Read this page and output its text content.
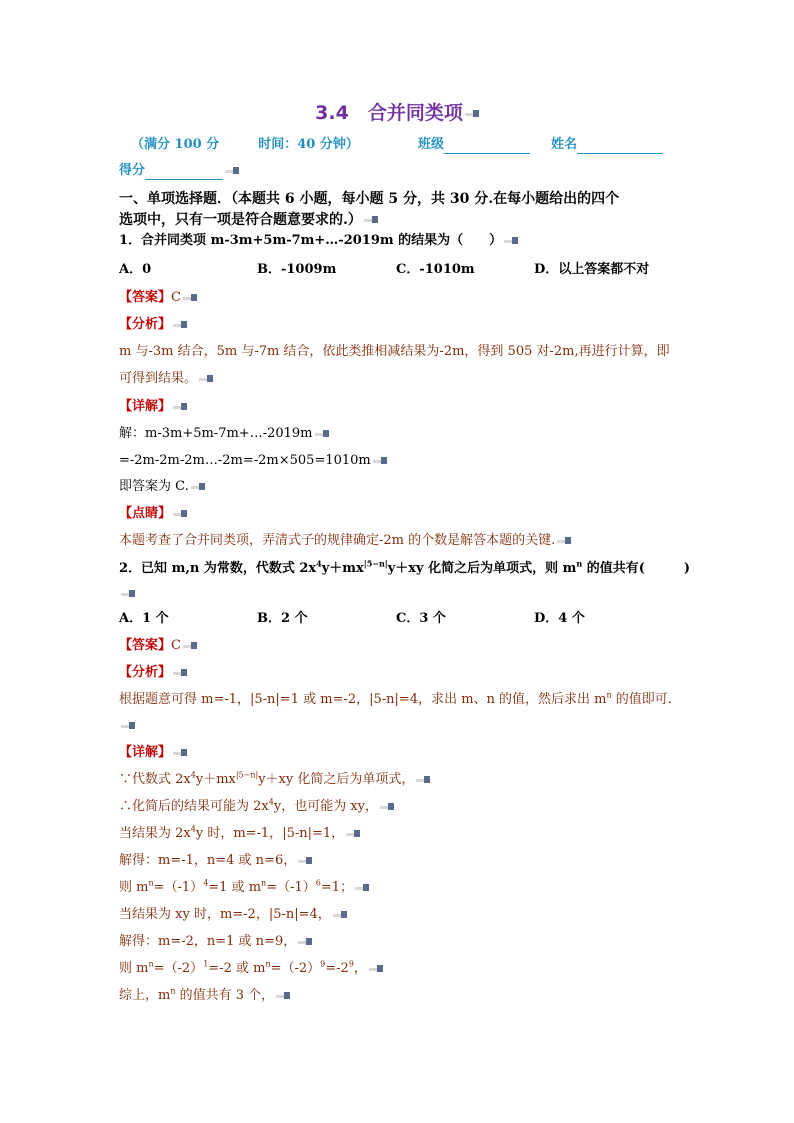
3.4　合并同类项
（满分 100 分	时间：40 分钟）	班级	姓名
得分
一、单项选择题．（本题共 6 小题，每小题 5 分，共 30 分.在每小题给出的四个
选项中，只有一项是符合题意要求的.）
1．合并同类项 m-3m+5m-7m+…-2019m 的结果为（　　）
A．0	B．-1009m	C．-1010m	D．以上答案都不对
【答案】C
【分析】
m 与-3m 结合，5m 与-7m 结合，依此类推相减结果为-2m，得到 505 对-2m,再进行计算，即
可得到结果。
【详解】
解：m-3m+5m-7m+…-2019m
=-2m-2m-2m…-2m=-2m×505=1010m
即答案为 C.
【点睛】
本题考查了合并同类项，弄清式子的规律确定-2m 的个数是解答本题的关键.
2．已知 m,n 为常数，代数式 $2x^4y+mx^{|5-n|}y+xy$ 化简之后为单项式，则 $m^n$ 的值共有(　　　)
A．1 个	B．2 个	C．3 个	D．4 个
【答案】C
【分析】
根据题意可得 m=-1，|5-n|=1 或 m=-2，|5-n|=4，求出 m、n 的值，然后求出 $m^n$ 的值即可．
【详解】
∵代数式 $2x^4y+mx^{|5-n|}y+xy$ 化简之后为单项式，
∴化简后的结果可能为 $2x^4y$，也可能为 xy，
当结果为 $2x^4y$ 时，m=-1，|5-n|=1，
解得：m=-1，n=4 或 n=6，
则 $m^n=(-1)^4=1$ 或 $m^n=(-1)^6=1$；
当结果为 xy 时，m=-2，|5-n|=4，
解得：m=-2，n=1 或 n=9，
则 $m^n=(-2)^1=-2$ 或 $m^n=(-2)^9=-2^9$，
综上，$m^n$ 的值共有 3 个，
